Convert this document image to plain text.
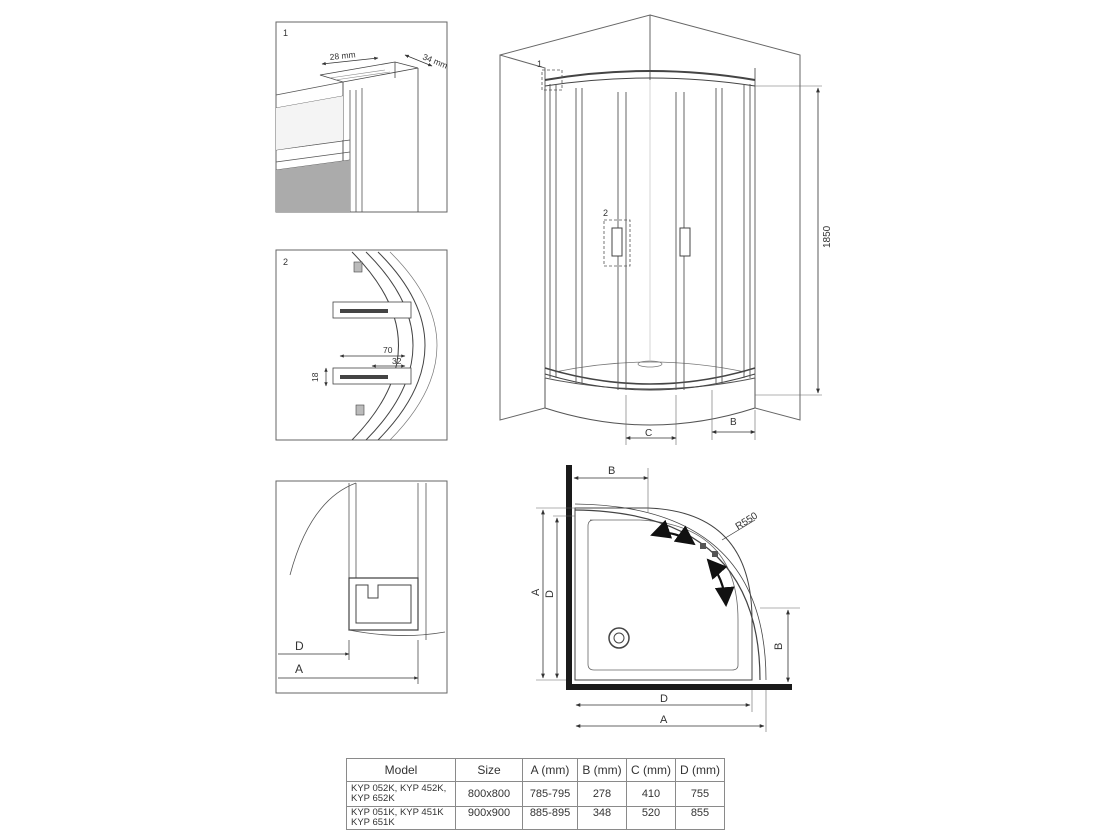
1
28 mm	34 mm
2
70
32
18
D
A
1
2
1850
C
B
R550
B
A D
B
D
A
Model	Size	A (mm)	B (mm)	C (mm)	D (mm)
KYP 052K, KYP 452K,
KYP 652K	800x800	785-795	278	410	755
KYP 051K, KYP 451K
KYP 651K	900x900	885-895	348	520	855
